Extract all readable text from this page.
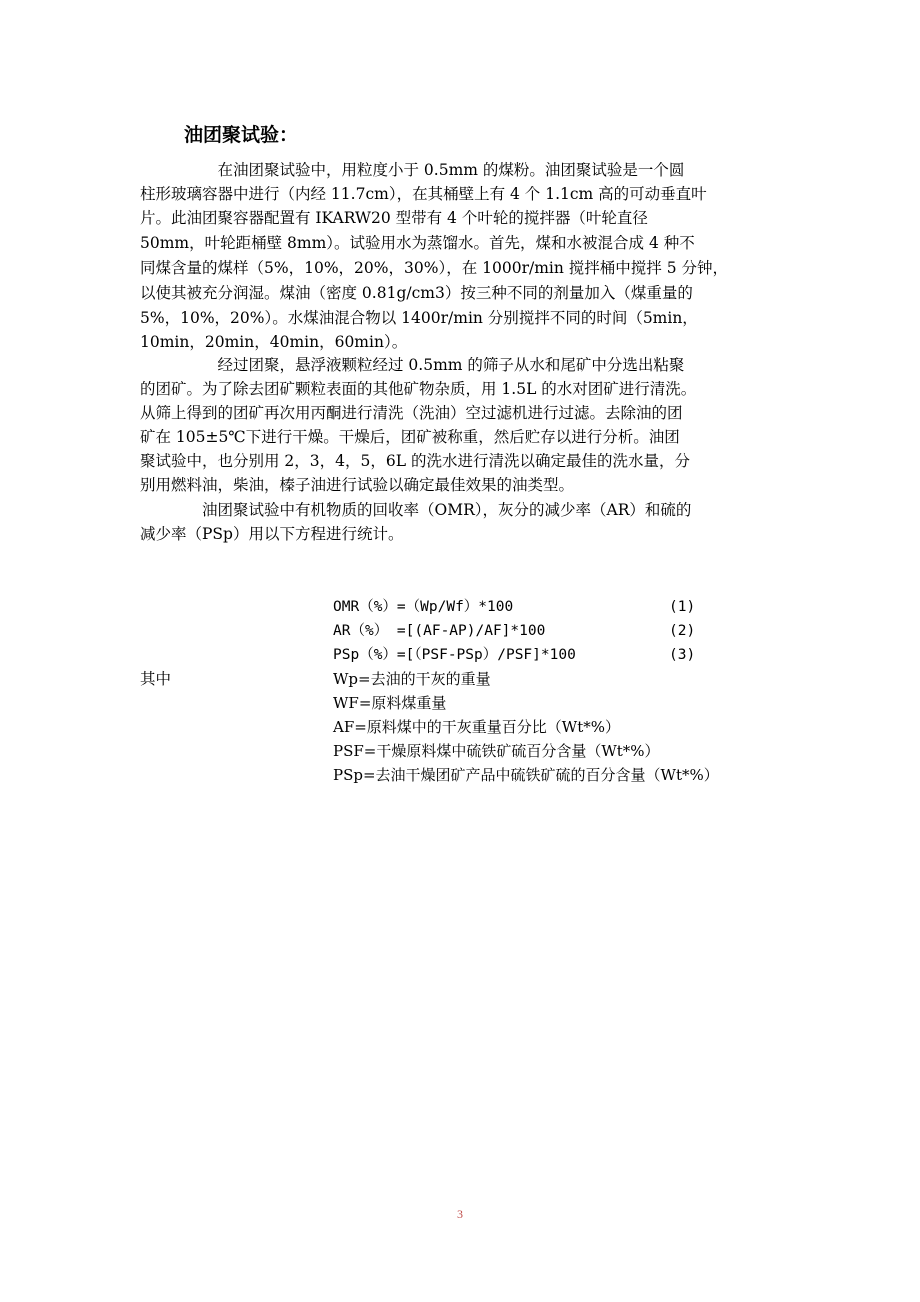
油团聚试验：
　　　　　在油团聚试验中，用粒度小于 0.5mm 的煤粉。油团聚试验是一个圆
柱形玻璃容器中进行（内经 11.7cm），在其桶壁上有 4 个 1.1cm 高的可动垂直叶
片。此油团聚容器配置有 IKARW20 型带有 4 个叶轮的搅拌器（叶轮直径
50mm，叶轮距桶壁 8mm）。试验用水为蒸馏水。首先，煤和水被混合成 4 种不
同煤含量的煤样（5%，10%，20%，30%），在 1000r/min 搅拌桶中搅拌 5 分钟，
以使其被充分润湿。煤油（密度 0.81g/cm3）按三种不同的剂量加入（煤重量的
5%，10%，20%）。水煤油混合物以 1400r/min 分别搅拌不同的时间（5min，
10min，20min，40min，60min）。
　　　　　经过团聚，悬浮液颗粒经过 0.5mm 的筛子从水和尾矿中分选出粘聚
的团矿。为了除去团矿颗粒表面的其他矿物杂质，用 1.5L 的水对团矿进行清洗。
从筛上得到的团矿再次用丙酮进行清洗（洗油）空过滤机进行过滤。去除油的团
矿在 105±5℃下进行干燥。干燥后，团矿被称重，然后贮存以进行分析。油团
聚试验中，也分别用 2，3，4，5，6L 的洗水进行清洗以确定最佳的洗水量，分
别用燃料油，柴油，榛子油进行试验以确定最佳效果的油类型。
　　　　油团聚试验中有机物质的回收率（OMR），灰分的减少率（AR）和硫的
减少率（PSp）用以下方程进行统计。
OMR（%）=（Wp/Wf）*100	(1)
AR（%） =[(AF-AP)/AF]*100	(2)
PSp（%）=[（PSF-PSp）/PSF]*100	(3)
其中	Wp=去油的干灰的重量
WF=原料煤重量
AF=原料煤中的干灰重量百分比（Wt*%）
PSF=干燥原料煤中硫铁矿硫百分含量（Wt*%）
PSp=去油干燥团矿产品中硫铁矿硫的百分含量（Wt*%）
3
